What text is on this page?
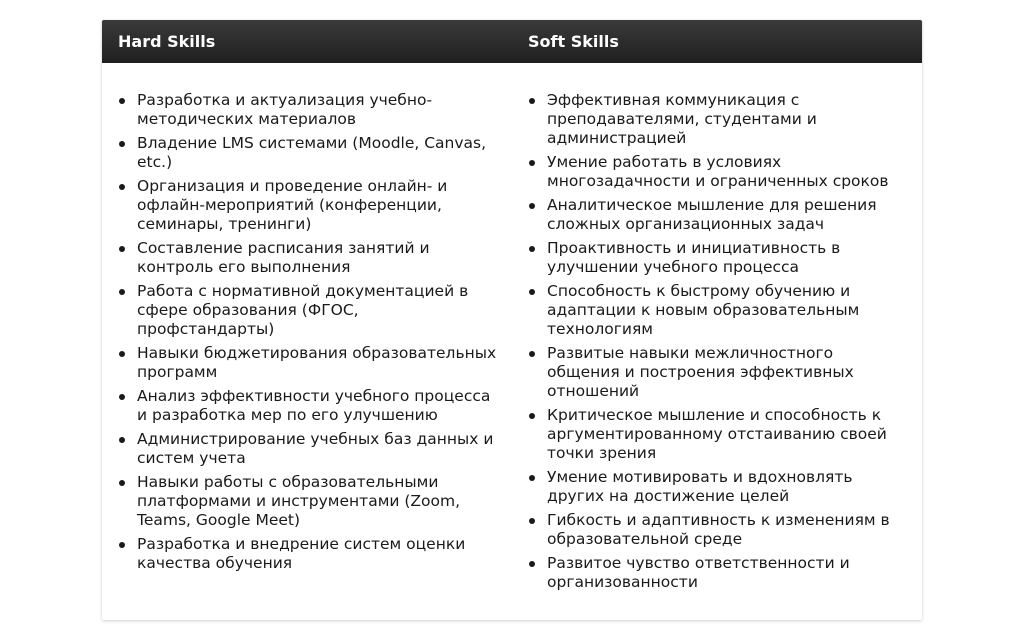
Hard Skills	Soft Skills
Разработка и актуализация учебно-методических материалов
Владение LMS системами (Moodle, Canvas, etc.)
Организация и проведение онлайн- и офлайн-мероприятий (конференции, семинары, тренинги)
Составление расписания занятий и контроль его выполнения
Работа с нормативной документацией в сфере образования (ФГОС, профстандарты)
Навыки бюджетирования образовательных программ
Анализ эффективности учебного процесса и разработка мер по его улучшению
Администрирование учебных баз данных и систем учета
Навыки работы с образовательными платформами и инструментами (Zoom, Teams, Google Meet)
Разработка и внедрение систем оценки качества обучения
Эффективная коммуникация с преподавателями, студентами и администрацией
Умение работать в условиях многозадачности и ограниченных сроков
Аналитическое мышление для решения сложных организационных задач
Проактивность и инициативность в улучшении учебного процесса
Способность к быстрому обучению и адаптации к новым образовательным технологиям
Развитые навыки межличностного общения и построения эффективных отношений
Критическое мышление и способность к аргументированному отстаиванию своей точки зрения
Умение мотивировать и вдохновлять других на достижение целей
Гибкость и адаптивность к изменениям в образовательной среде
Развитое чувство ответственности и организованности
